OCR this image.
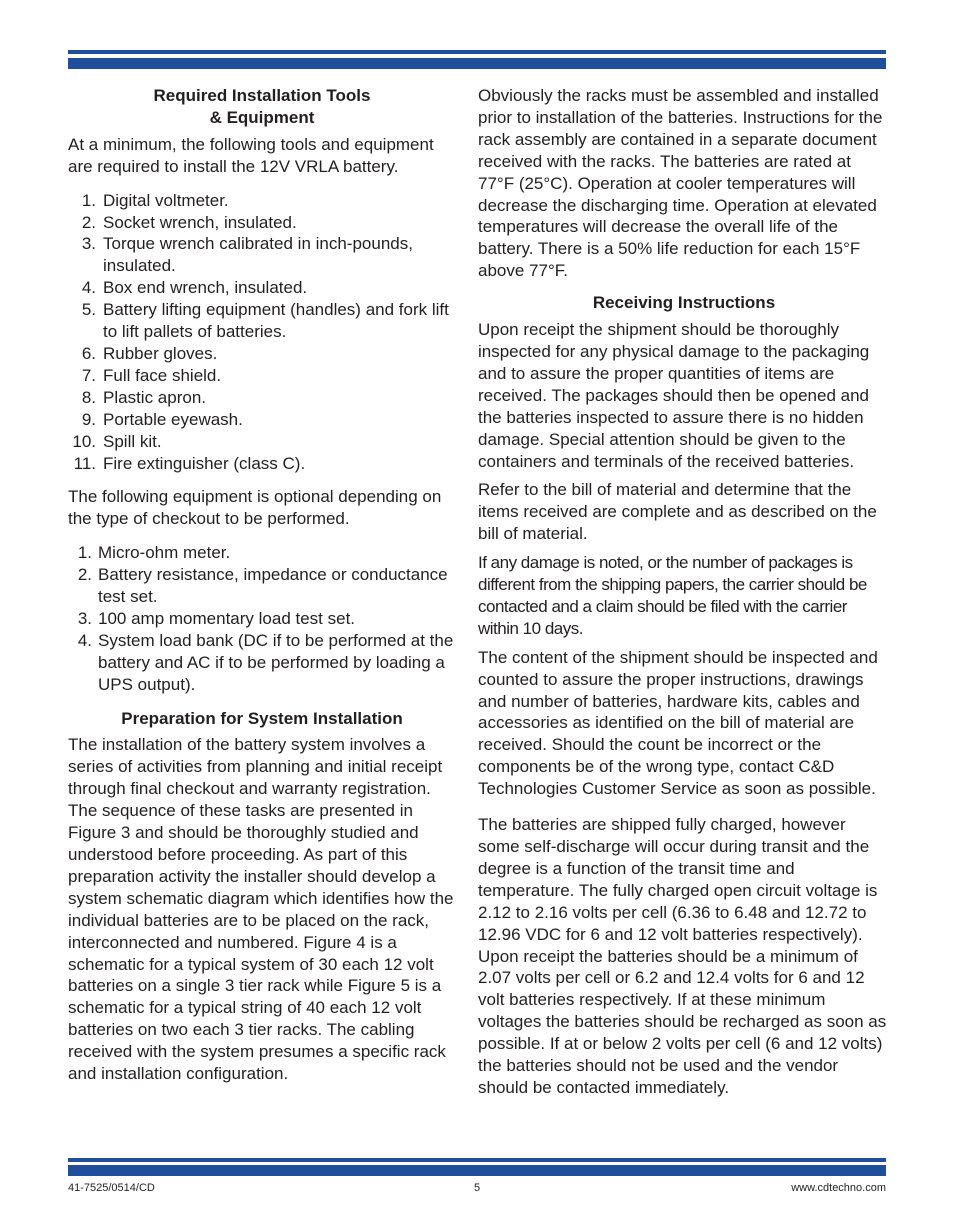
Required Installation Tools
& Equipment

At a minimum, the following tools and equipment are required to install the 12V VRLA battery.

1. Digital voltmeter.
2. Socket wrench, insulated.
3. Torque wrench calibrated in inch-pounds, insulated.
4. Box end wrench, insulated.
5. Battery lifting equipment (handles) and fork lift to lift pallets of batteries.
6. Rubber gloves.
7. Full face shield.
8. Plastic apron.
9. Portable eyewash.
10. Spill kit.
11. Fire extinguisher (class C).

The following equipment is optional depending on the type of checkout to be performed.

1. Micro-ohm meter.
2. Battery resistance, impedance or conductance test set.
3. 100 amp momentary load test set.
4. System load bank (DC if to be performed at the battery and AC if to be performed by loading a UPS output).
Preparation for System Installation

The installation of the battery system involves a series of activities from planning and initial receipt through final checkout and warranty registration. The sequence of these tasks are presented in Figure 3 and should be thoroughly studied and understood before proceeding. As part of this preparation activity the installer should develop a system schematic diagram which identifies how the individual batteries are to be placed on the rack, interconnected and numbered. Figure 4 is a schematic for a typical system of 30 each 12 volt batteries on a single 3 tier rack while Figure 5 is a schematic for a typical string of 40 each 12 volt batteries on two each 3 tier racks. The cabling received with the system presumes a specific rack and installation configuration.

Obviously the racks must be assembled and installed prior to installation of the batteries. Instructions for the rack assembly are contained in a separate document received with the racks. The batteries are rated at 77°F (25°C). Operation at cooler temperatures will decrease the discharging time. Operation at elevated temperatures will decrease the overall life of the battery. There is a 50% life reduction for each 15°F above 77°F.

Receiving Instructions

Upon receipt the shipment should be thoroughly inspected for any physical damage to the packaging and to assure the proper quantities of items are received. The packages should then be opened and the batteries inspected to assure there is no hidden damage. Special attention should be given to the containers and terminals of the received batteries.

Refer to the bill of material and determine that the items received are complete and as described on the bill of material.

If any damage is noted, or the number of packages is different from the shipping papers, the carrier should be contacted and a claim should be filed with the carrier within 10 days.

The content of the shipment should be inspected and counted to assure the proper instructions, drawings and number of batteries, hardware kits, cables and accessories as identified on the bill of material are received. Should the count be incorrect or the components be of the wrong type, contact C&D Technologies Customer Service as soon as possible.

The batteries are shipped fully charged, however some self-discharge will occur during transit and the degree is a function of the transit time and temperature. The fully charged open circuit voltage is 2.12 to 2.16 volts per cell (6.36 to 6.48 and 12.72 to 12.96 VDC for 6 and 12 volt batteries respectively). Upon receipt the batteries should be a minimum of 2.07 volts per cell or 6.2 and 12.4 volts for 6 and 12 volt batteries respectively. If at these minimum voltages the batteries should be recharged as soon as possible. If at or below 2 volts per cell (6 and 12 volts) the batteries should not be used and the vendor should be contacted immediately.

41-7525/0514/CD	5	www.cdtechno.com
